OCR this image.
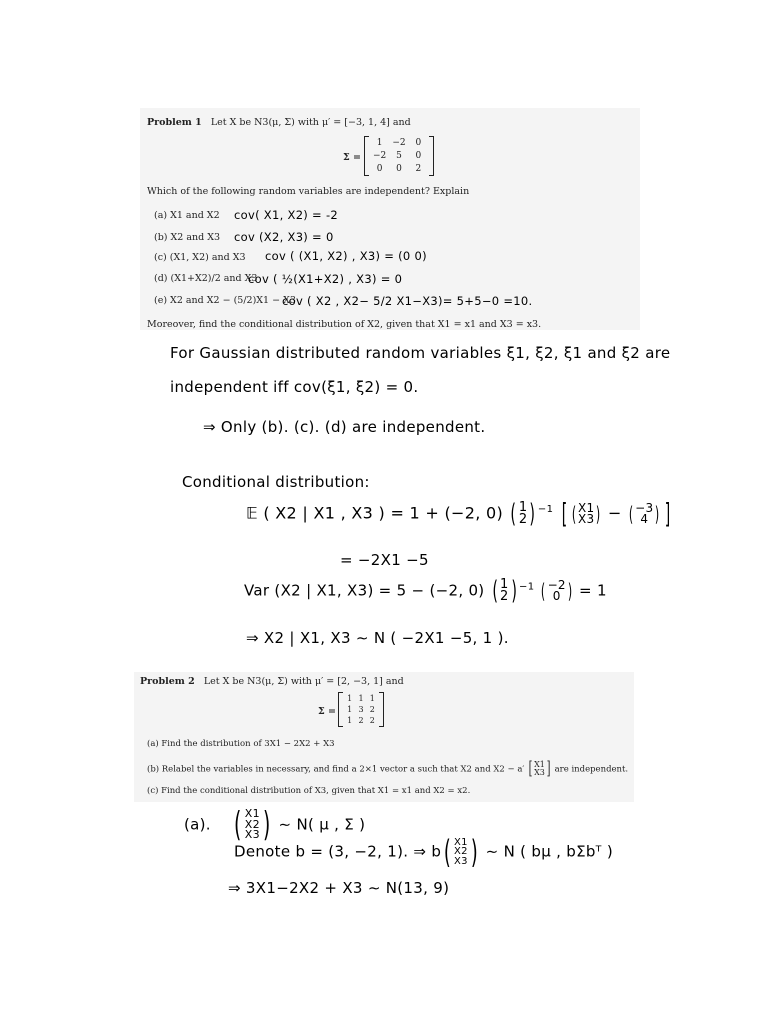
Problem 1 Let X be N3(μ, Σ) with μ′ = [−3, 1, 4] and
Σ =
1	−2	0
−2	5	0
0	0	2
Which of the following random variables are independent? Explain
(a) X1 and X2 cov( X1, X2) = -2
(b) X2 and X3 cov (X2, X3) = 0
(c) (X1, X2) and X3 cov ( (X1, X2) , X3) = (0 0)
(d) (X1+X2)/2 and X3
cov ( ½(X1+X2) , X3) = 0
(e) X2 and X2 − (5/2)X1 − X3
cov ( X2 , X2− 5/2 X1−X3)= 5+5−0 =10.
Moreover, find the conditional distribution of X2, given that X1 = x1 and X3 = x3.
For Gaussian distributed random variables ξ1, ξ2, ξ1 and ξ2 are
independent iff cov(ξ1, ξ2) = 0.
⇒ Only (b). (c). (d) are independent.
Conditional distribution:
𝔼 ( X2 | X1 , X3 ) = 1 + (−2, 0) ( 1
2) $^{-1}$ [ ( X1
X3) − ( −3
4 ) ]
= −2X1 −5
Var (X2 | X1, X3) = 5 − (−2, 0) ( 1
2) $^{-1}$ ( −2
0 ) = 1
⇒ X2 | X1, X3 ∼ N ( −2X1 −5, 1 ).
Problem 2 Let X be N3(μ, Σ) with μ′ = [2, −3, 1] and
Σ =
1 1 1
1 3 2
1 2 2
(a) Find the distribution of 3X1 − 2X2 + X3
(b) Relabel the variables in necessary, and find a 2×1 vector a such that X2 and X2 − a′ [ X1
X3] are independent.
(c) Find the conditional distribution of X3, given that X1 = x1 and X2 = x2.
(a). ( X1
X2
X3) ∼ N( μ , Σ )
Denote b = (3, −2, 1). ⇒ b( X1
X2
X3) ∼ N ( bμ , bΣbᵀ )
⇒ 3X1−2X2 + X3 ∼ N(13, 9)
